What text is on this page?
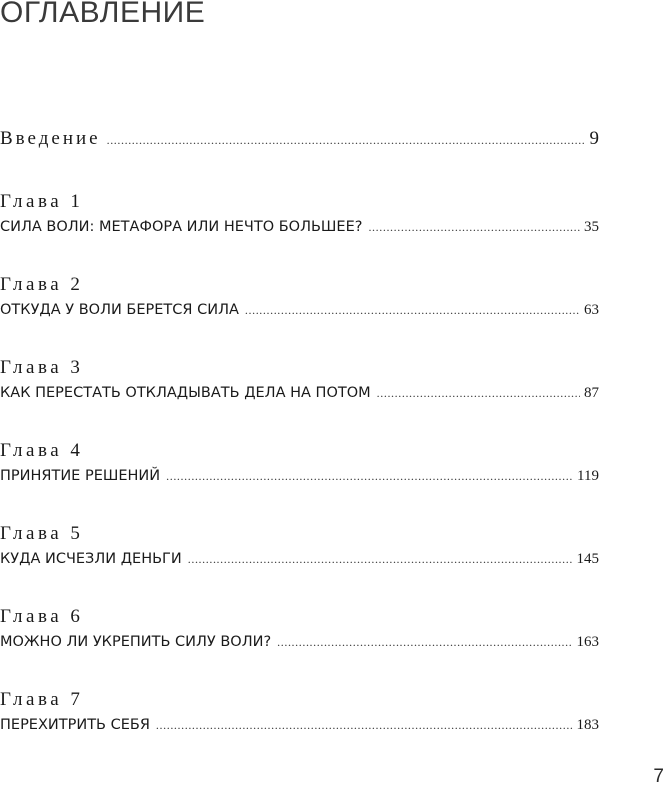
ОГЛАВЛЕНИЕ
Введение .....	9
Глава 1
СИЛА ВОЛИ: МЕТАФОРА ИЛИ НЕЧТО БОЛЬШЕЕ? .....	35
Глава 2
ОТКУДА У ВОЛИ БЕРЕТСЯ СИЛА .....	63
Глава 3
КАК ПЕРЕСТАТЬ ОТКЛАДЫВАТЬ ДЕЛА НА ПОТОМ .....	87
Глава 4
ПРИНЯТИЕ РЕШЕНИЙ .....	119
Глава 5
КУДА ИСЧЕЗЛИ ДЕНЬГИ .....	145
Глава 6
МОЖНО ЛИ УКРЕПИТЬ СИЛУ ВОЛИ? .....	163
Глава 7
ПЕРЕХИТРИТЬ СЕБЯ .....	183
7
